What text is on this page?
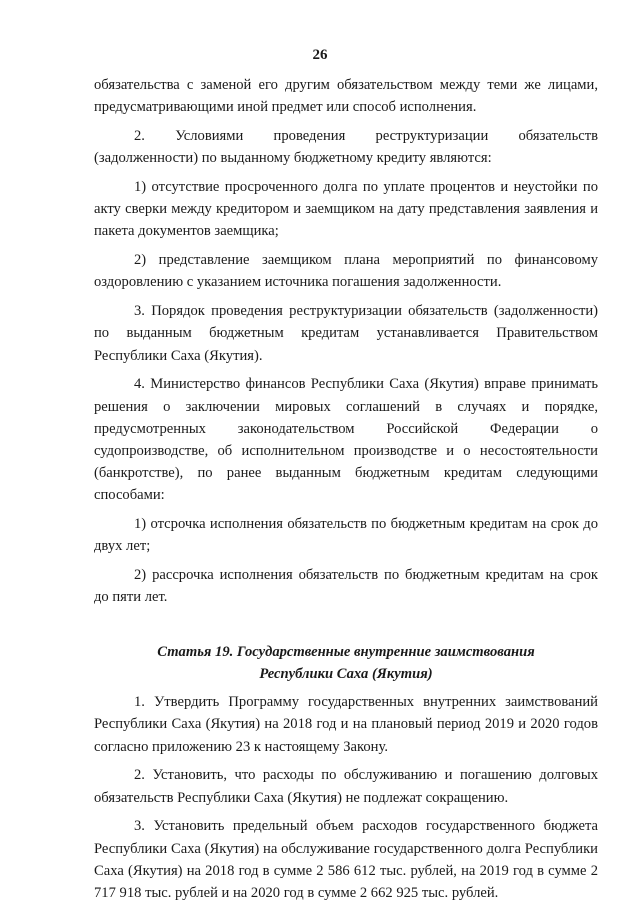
26

обязательства с заменой его другим обязательством между теми же лицами, предусматривающими иной предмет или способ исполнения.

2. Условиями проведения реструктуризации обязательств (задолженности) по выданному бюджетному кредиту являются:

1) отсутствие просроченного долга по уплате процентов и неустойки по акту сверки между кредитором и заемщиком на дату представления заявления и пакета документов заемщика;

2) представление заемщиком плана мероприятий по финансовому оздоровлению с указанием источника погашения задолженности.

3. Порядок проведения реструктуризации обязательств (задолженности) по выданным бюджетным кредитам устанавливается Правительством Республики Саха (Якутия).

4. Министерство финансов Республики Саха (Якутия) вправе принимать решения о заключении мировых соглашений в случаях и порядке, предусмотренных законодательством Российской Федерации о судопроизводстве, об исполнительном производстве и о несостоятельности (банкротстве), по ранее выданным бюджетным кредитам следующими способами:

1) отсрочка исполнения обязательств по бюджетным кредитам на срок до двух лет;

2) рассрочка исполнения обязательств по бюджетным кредитам на срок до пяти лет.

Статья 19. Государственные внутренние заимствования

Республики Саха (Якутия)

1. Утвердить Программу государственных внутренних заимствований Республики Саха (Якутия) на 2018 год и на плановый период 2019 и 2020 годов согласно приложению 23 к настоящему Закону.

2. Установить, что расходы по обслуживанию и погашению долговых обязательств Республики Саха (Якутия) не подлежат сокращению.

3. Установить предельный объем расходов государственного бюджета Республики Саха (Якутия) на обслуживание государственного долга Республики Саха (Якутия) на 2018 год в сумме 2 586 612 тыс. рублей, на 2019 год в сумме 2 717 918 тыс. рублей и на 2020 год в сумме 2 662 925 тыс. рублей.
